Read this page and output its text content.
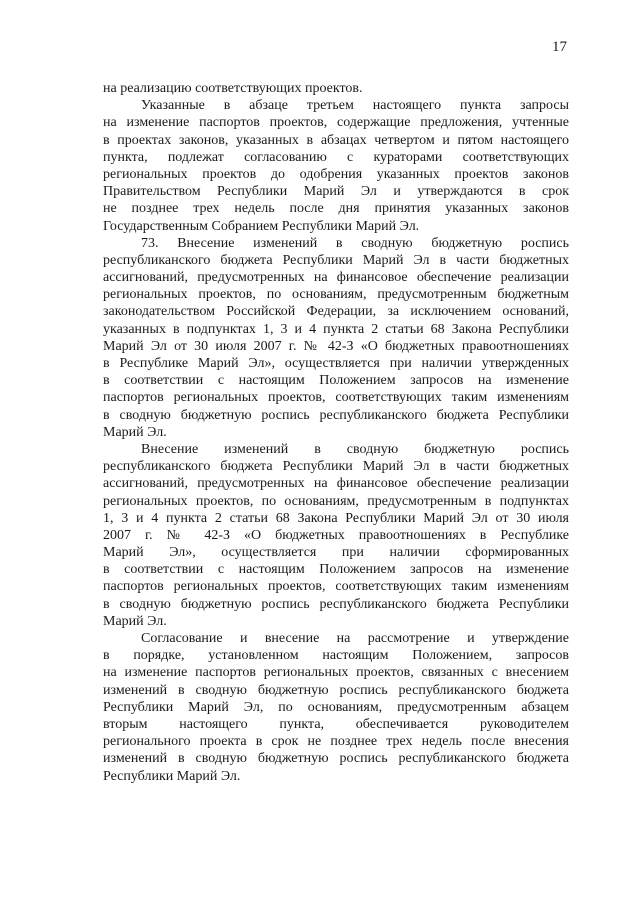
17
на реализацию соответствующих проектов.
Указанные в абзаце третьем настоящего пункта запросы
на изменение паспортов проектов, содержащие предложения, учтенные
в проектах законов, указанных в абзацах четвертом и пятом настоящего
пункта, подлежат согласованию с кураторами соответствующих
региональных проектов до одобрения указанных проектов законов
Правительством Республики Марий Эл и утверждаются в срок
не позднее трех недель после дня принятия указанных законов
Государственным Собранием Республики Марий Эл.
73. Внесение изменений в сводную бюджетную роспись
республиканского бюджета Республики Марий Эл в части бюджетных
ассигнований, предусмотренных на финансовое обеспечение реализации
региональных проектов, по основаниям, предусмотренным бюджетным
законодательством Российской Федерации, за исключением оснований,
указанных в подпунктах 1, 3 и 4 пункта 2 статьи 68 Закона Республики
Марий Эл от 30 июля 2007 г. № 42-З «О бюджетных правоотношениях
в Республике Марий Эл», осуществляется при наличии утвержденных
в соответствии с настоящим Положением запросов на изменение
паспортов региональных проектов, соответствующих таким изменениям
в сводную бюджетную роспись республиканского бюджета Республики
Марий Эл.
Внесение изменений в сводную бюджетную роспись
республиканского бюджета Республики Марий Эл в части бюджетных
ассигнований, предусмотренных на финансовое обеспечение реализации
региональных проектов, по основаниям, предусмотренным в подпунктах
1, 3 и 4 пункта 2 статьи 68 Закона Республики Марий Эл от 30 июля
2007 г. № 42-З «О бюджетных правоотношениях в Республике
Марий Эл», осуществляется при наличии сформированных
в соответствии с настоящим Положением запросов на изменение
паспортов региональных проектов, соответствующих таким изменениям
в сводную бюджетную роспись республиканского бюджета Республики
Марий Эл.
Согласование и внесение на рассмотрение и утверждение
в порядке, установленном настоящим Положением, запросов
на изменение паспортов региональных проектов, связанных с внесением
изменений в сводную бюджетную роспись республиканского бюджета
Республики Марий Эл, по основаниям, предусмотренным абзацем
вторым настоящего пункта, обеспечивается руководителем
регионального проекта в срок не позднее трех недель после внесения
изменений в сводную бюджетную роспись республиканского бюджета
Республики Марий Эл.
